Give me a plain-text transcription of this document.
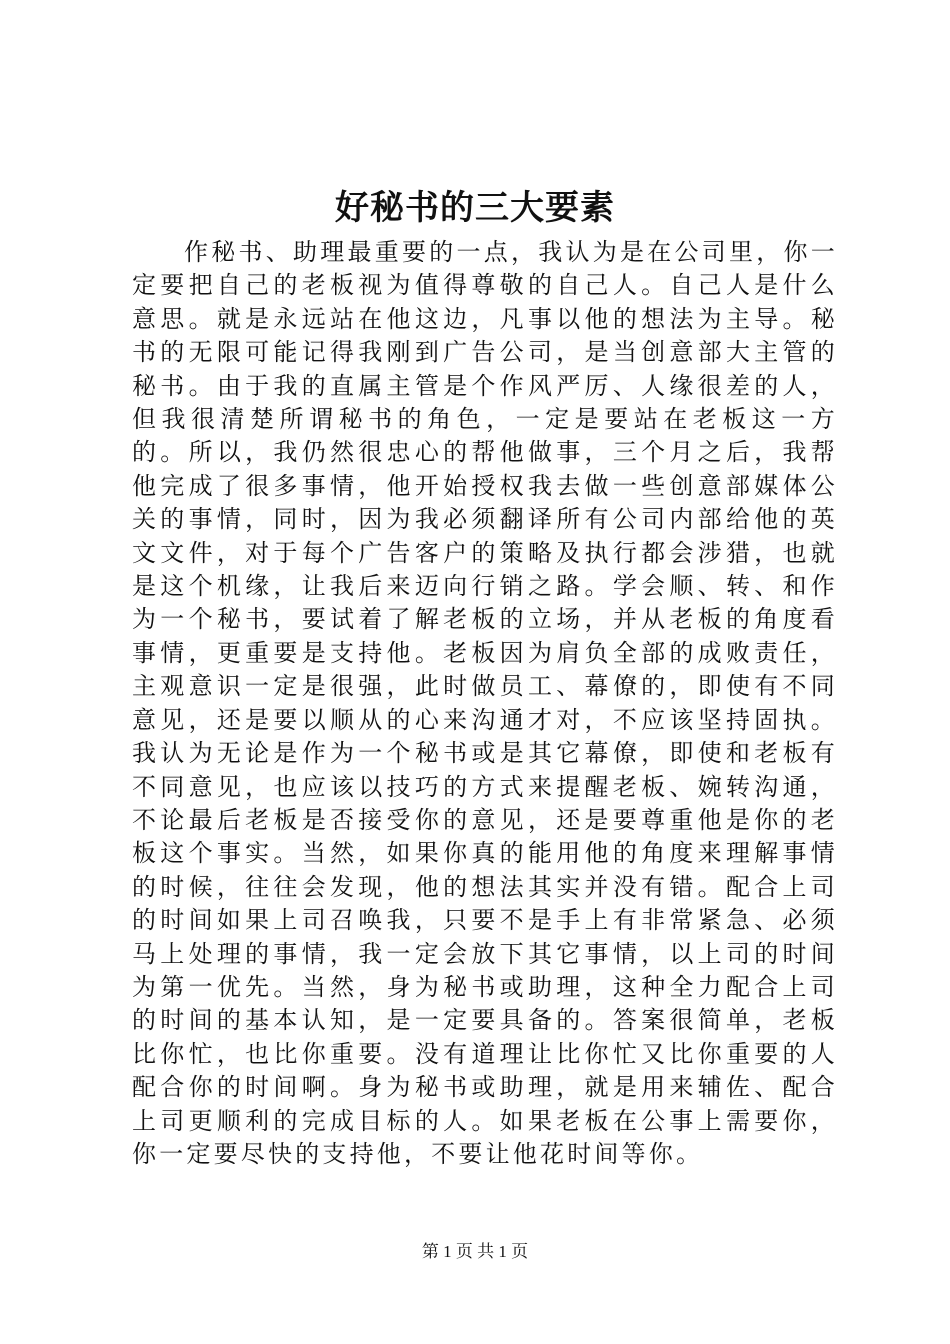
好秘书的三大要素

作秘书、助理最重要的一点，我认为是在公司里，你一定要把自己的老板视为值得尊敬的自己人。自己人是什么意思。就是永远站在他这边，凡事以他的想法为主导。秘书的无限可能记得我刚到广告公司，是当创意部大主管的秘书。由于我的直属主管是个作风严厉、人缘很差的人，但我很清楚所谓秘书的角色，一定是要站在老板这一方的。所以，我仍然很忠心的帮他做事，三个月之后，我帮他完成了很多事情，他开始授权我去做一些创意部媒体公关的事情，同时，因为我必须翻译所有公司内部给他的英文文件，对于每个广告客户的策略及执行都会涉猎，也就是这个机缘，让我后来迈向行销之路。学会顺、转、和作为一个秘书，要试着了解老板的立场，并从老板的角度看事情，更重要是支持他。老板因为肩负全部的成败责任，主观意识一定是很强，此时做员工、幕僚的，即使有不同意见，还是要以顺从的心来沟通才对，不应该坚持固执。我认为无论是作为一个秘书或是其它幕僚，即使和老板有不同意见，也应该以技巧的方式来提醒老板、婉转沟通，不论最后老板是否接受你的意见，还是要尊重他是你的老板这个事实。当然，如果你真的能用他的角度来理解事情的时候，往往会发现，他的想法其实并没有错。配合上司的时间如果上司召唤我，只要不是手上有非常紧急、必须马上处理的事情，我一定会放下其它事情，以上司的时间为第一优先。当然，身为秘书或助理，这种全力配合上司的时间的基本认知，是一定要具备的。答案很简单，老板比你忙，也比你重要。没有道理让比你忙又比你重要的人配合你的时间啊。身为秘书或助理，就是用来辅佐、配合上司更顺利的完成目标的人。如果老板在公事上需要你，你一定要尽快的支持他，不要让他花时间等你。

第 1 页 共 1 页
